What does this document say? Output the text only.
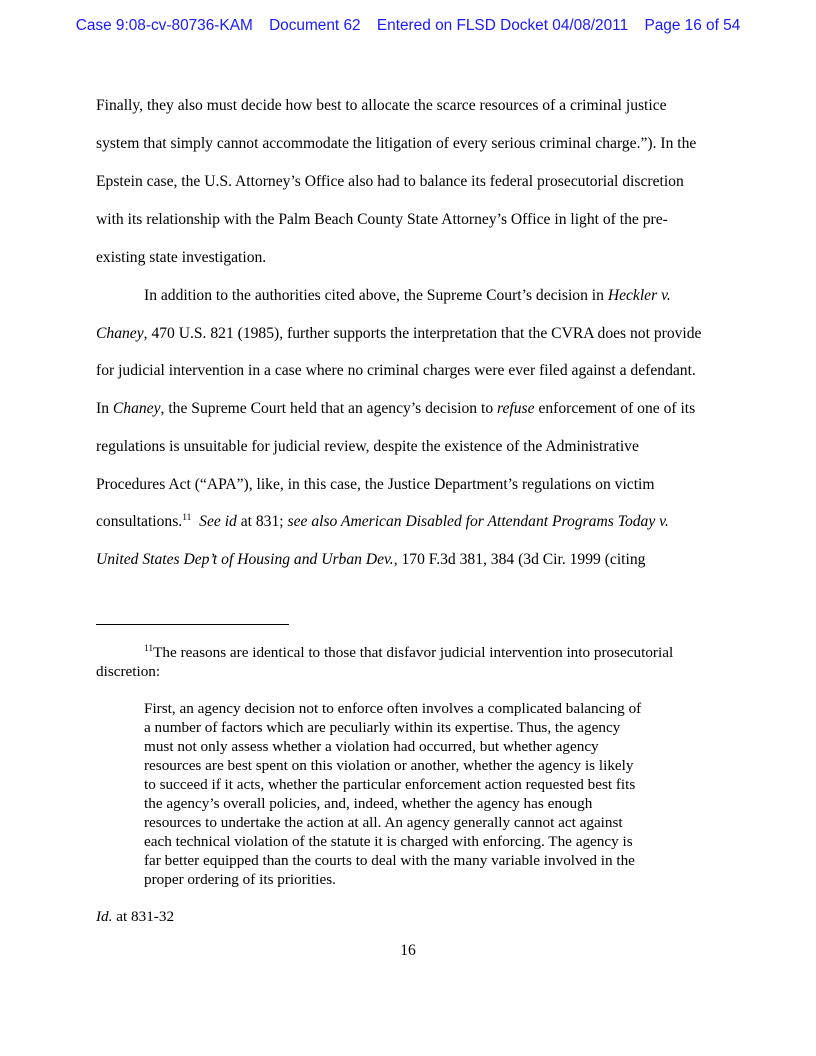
Case 9:08-cv-80736-KAM Document 62 Entered on FLSD Docket 04/08/2011 Page 16 of 54
Finally, they also must decide how best to allocate the scarce resources of a criminal justice
system that simply cannot accommodate the litigation of every serious criminal charge.”). In the
Epstein case, the U.S. Attorney’s Office also had to balance its federal prosecutorial discretion
with its relationship with the Palm Beach County State Attorney’s Office in light of the pre-
existing state investigation.
In addition to the authorities cited above, the Supreme Court’s decision in Heckler v.
Chaney, 470 U.S. 821 (1985), further supports the interpretation that the CVRA does not provide
for judicial intervention in a case where no criminal charges were ever filed against a defendant.
In Chaney, the Supreme Court held that an agency’s decision to refuse enforcement of one of its
regulations is unsuitable for judicial review, despite the existence of the Administrative
Procedures Act (“APA”), like, in this case, the Justice Department’s regulations on victim
consultations.$^{11}$ See id at 831; see also American Disabled for Attendant Programs Today v.
United States Dep’t of Housing and Urban Dev., 170 F.3d 381, 384 (3d Cir. 1999 (citing
$^{11}$The reasons are identical to those that disfavor judicial intervention into prosecutorial
discretion:
First, an agency decision not to enforce often involves a complicated balancing of
a number of factors which are peculiarly within its expertise. Thus, the agency
must not only assess whether a violation had occurred, but whether agency
resources are best spent on this violation or another, whether the agency is likely
to succeed if it acts, whether the particular enforcement action requested best fits
the agency’s overall policies, and, indeed, whether the agency has enough
resources to undertake the action at all. An agency generally cannot act against
each technical violation of the statute it is charged with enforcing. The agency is
far better equipped than the courts to deal with the many variable involved in the
proper ordering of its priorities.
Id. at 831-32
16
